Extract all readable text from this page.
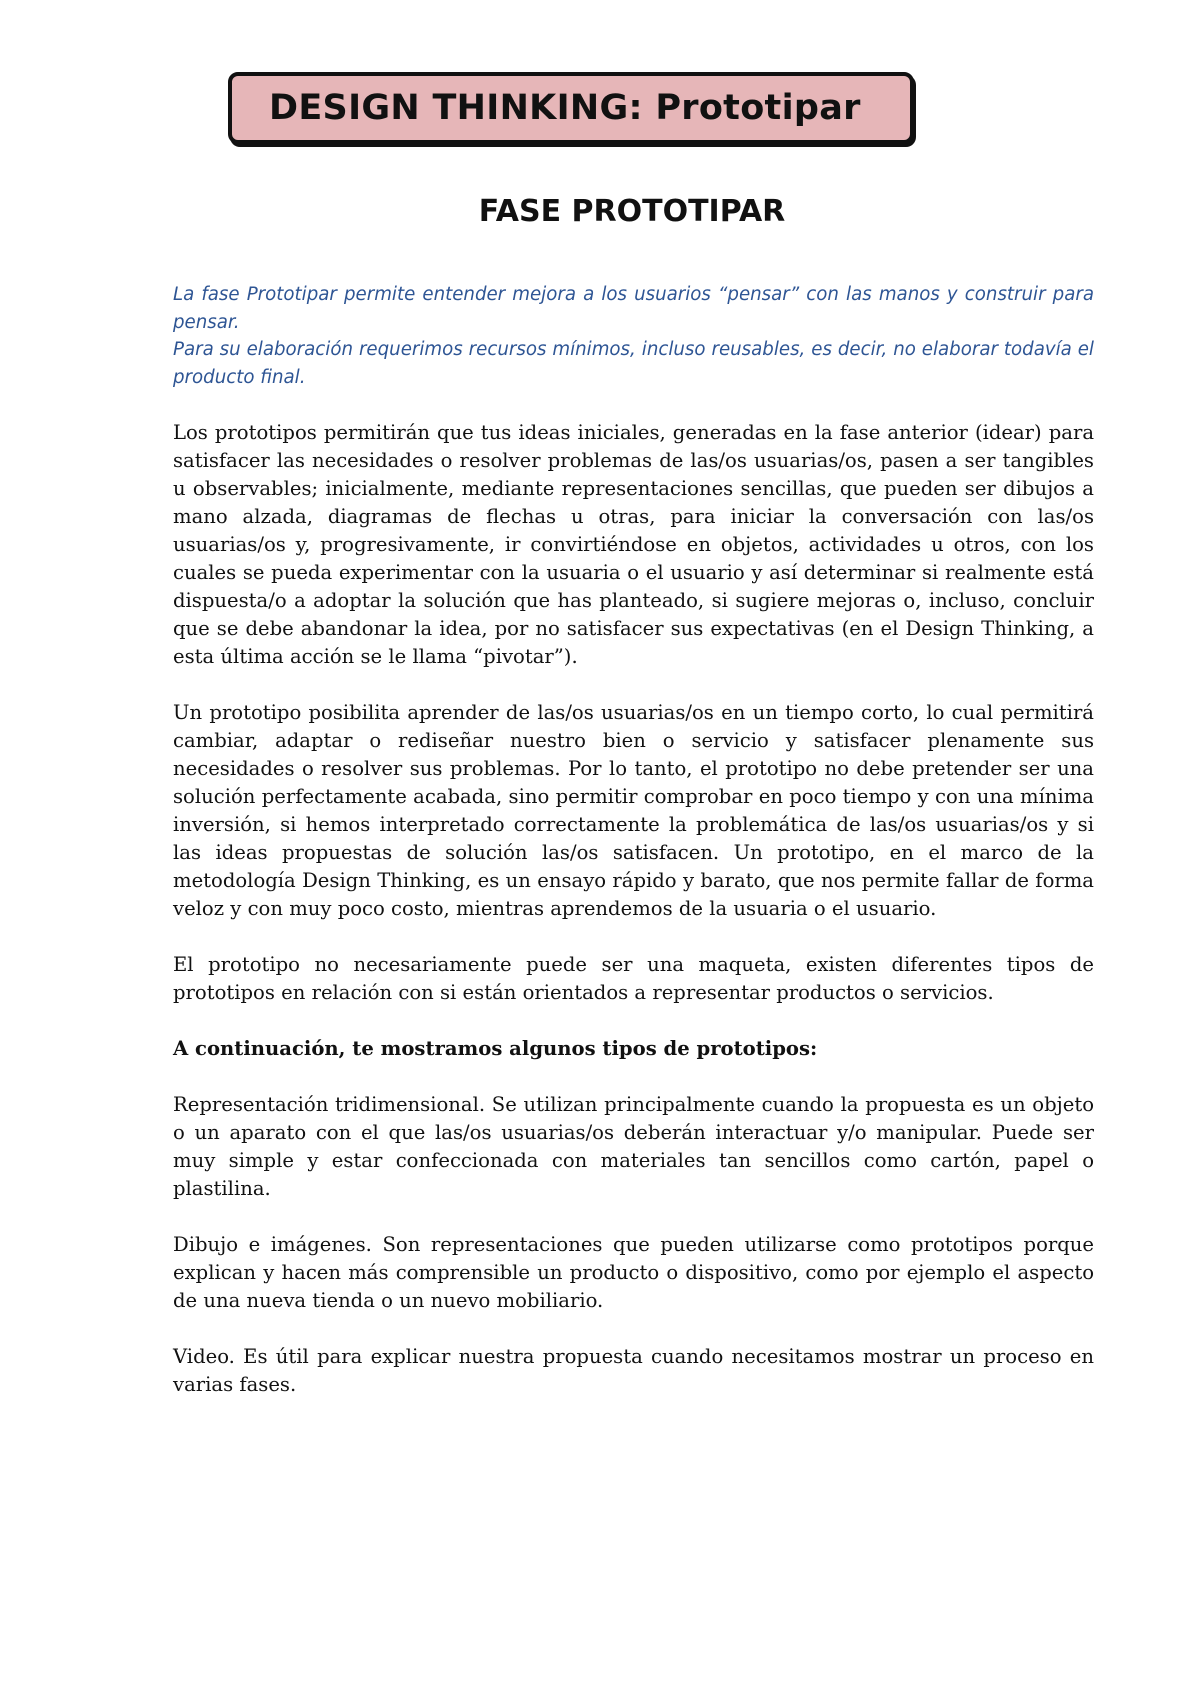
DESIGN THINKING: Prototipar
FASE PROTOTIPAR

La fase Prototipar permite entender mejora a los usuarios “pensar” con las manos y construir para pensar.

Para su elaboración requerimos recursos mínimos, incluso reusables, es decir, no elaborar todavía el producto final.

Los prototipos permitirán que tus ideas iniciales, generadas en la fase anterior (idear) para satisfacer las necesidades o resolver problemas de las/os usuarias/os, pasen a ser tangibles u observables; inicialmente, mediante representaciones sencillas, que pueden ser dibujos a mano alzada, diagramas de flechas u otras, para iniciar la conversación con las/os usuarias/os y, progresivamente, ir convirtiéndose en objetos, actividades u otros, con los cuales se pueda experimentar con la usuaria o el usuario y así determinar si realmente está dispuesta/o a adoptar la solución que has planteado, si sugiere mejoras o, incluso, concluir que se debe abandonar la idea, por no satisfacer sus expectativas (en el Design Thinking, a esta última acción se le llama “pivotar”).

Un prototipo posibilita aprender de las/os usuarias/os en un tiempo corto, lo cual permitirá cambiar, adaptar o rediseñar nuestro bien o servicio y satisfacer plenamente sus necesidades o resolver sus problemas. Por lo tanto, el prototipo no debe pretender ser una solución perfectamente acabada, sino permitir comprobar en poco tiempo y con una mínima inversión, si hemos interpretado correctamente la problemática de las/os usuarias/os y si las ideas propuestas de solución las/os satisfacen. Un prototipo, en el marco de la metodología Design Thinking, es un ensayo rápido y barato, que nos permite fallar de forma veloz y con muy poco costo, mientras aprendemos de la usuaria o el usuario.

El prototipo no necesariamente puede ser una maqueta, existen diferentes tipos de prototipos en relación con si están orientados a representar productos o servicios.

A continuación, te mostramos algunos tipos de prototipos:

Representación tridimensional. Se utilizan principalmente cuando la propuesta es un objeto o un aparato con el que las/os usuarias/os deberán interactuar y/o manipular. Puede ser muy simple y estar confeccionada con materiales tan sencillos como cartón, papel o plastilina.

Dibujo e imágenes. Son representaciones que pueden utilizarse como prototipos porque explican y hacen más comprensible un producto o dispositivo, como por ejemplo el aspecto de una nueva tienda o un nuevo mobiliario.

Video. Es útil para explicar nuestra propuesta cuando necesitamos mostrar un proceso en varias fases.
